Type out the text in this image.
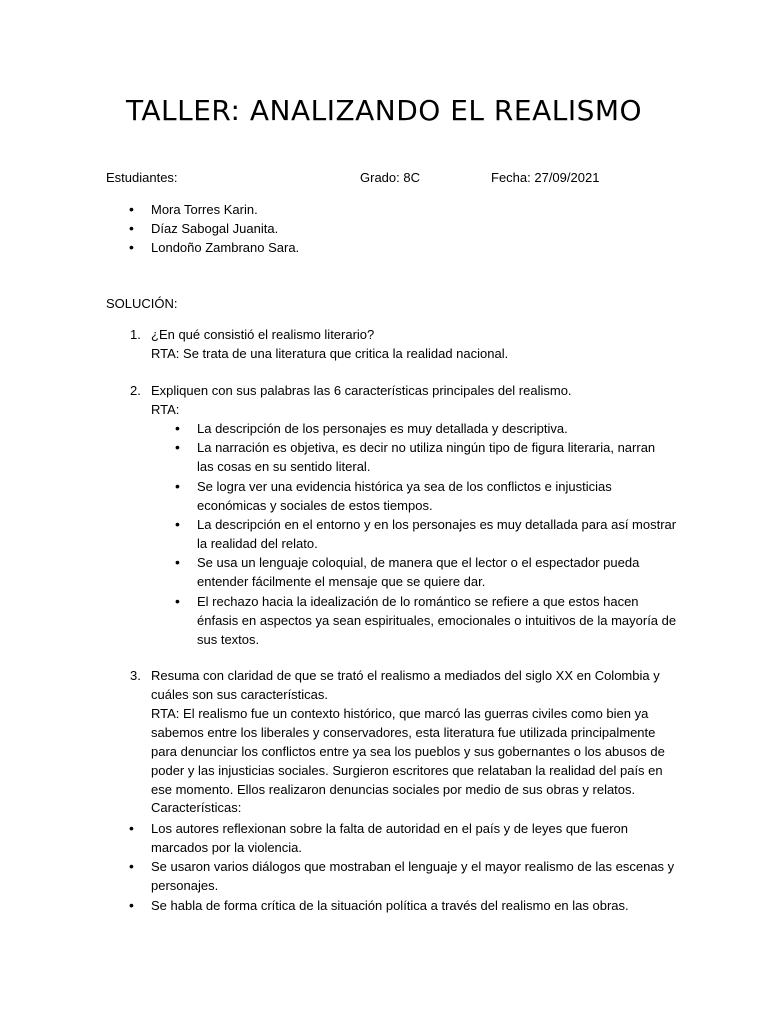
TALLER: ANALIZANDO EL REALISMO
Estudiantes:	Grado: 8C	Fecha: 27/09/2021
• Mora Torres Karin.
• Díaz Sabogal Juanita.
• Londoño Zambrano Sara.
SOLUCIÓN:
1. ¿En qué consistió el realismo literario?
RTA: Se trata de una literatura que critica la realidad nacional.
2. Expliquen con sus palabras las 6 características principales del realismo.
RTA:
• La descripción de los personajes es muy detallada y descriptiva.
• La narración es objetiva, es decir no utiliza ningún tipo de figura literaria, narran
las cosas en su sentido literal.
• Se logra ver una evidencia histórica ya sea de los conflictos e injusticias
económicas y sociales de estos tiempos.
• La descripción en el entorno y en los personajes es muy detallada para así mostrar
la realidad del relato.
• Se usa un lenguaje coloquial, de manera que el lector o el espectador pueda
entender fácilmente el mensaje que se quiere dar.
• El rechazo hacia la idealización de lo romántico se refiere a que estos hacen
énfasis en aspectos ya sean espirituales, emocionales o intuitivos de la mayoría de
sus textos.
3. Resuma con claridad de que se trató el realismo a mediados del siglo XX en Colombia y
cuáles son sus características.
RTA: El realismo fue un contexto histórico, que marcó las guerras civiles como bien ya
sabemos entre los liberales y conservadores, esta literatura fue utilizada principalmente
para denunciar los conflictos entre ya sea los pueblos y sus gobernantes o los abusos de
poder y las injusticias sociales. Surgieron escritores que relataban la realidad del país en
ese momento. Ellos realizaron denuncias sociales por medio de sus obras y relatos.
Características:
• Los autores reflexionan sobre la falta de autoridad en el país y de leyes que fueron
marcados por la violencia.
• Se usaron varios diálogos que mostraban el lenguaje y el mayor realismo de las escenas y
personajes.
• Se habla de forma crítica de la situación política a través del realismo en las obras.
